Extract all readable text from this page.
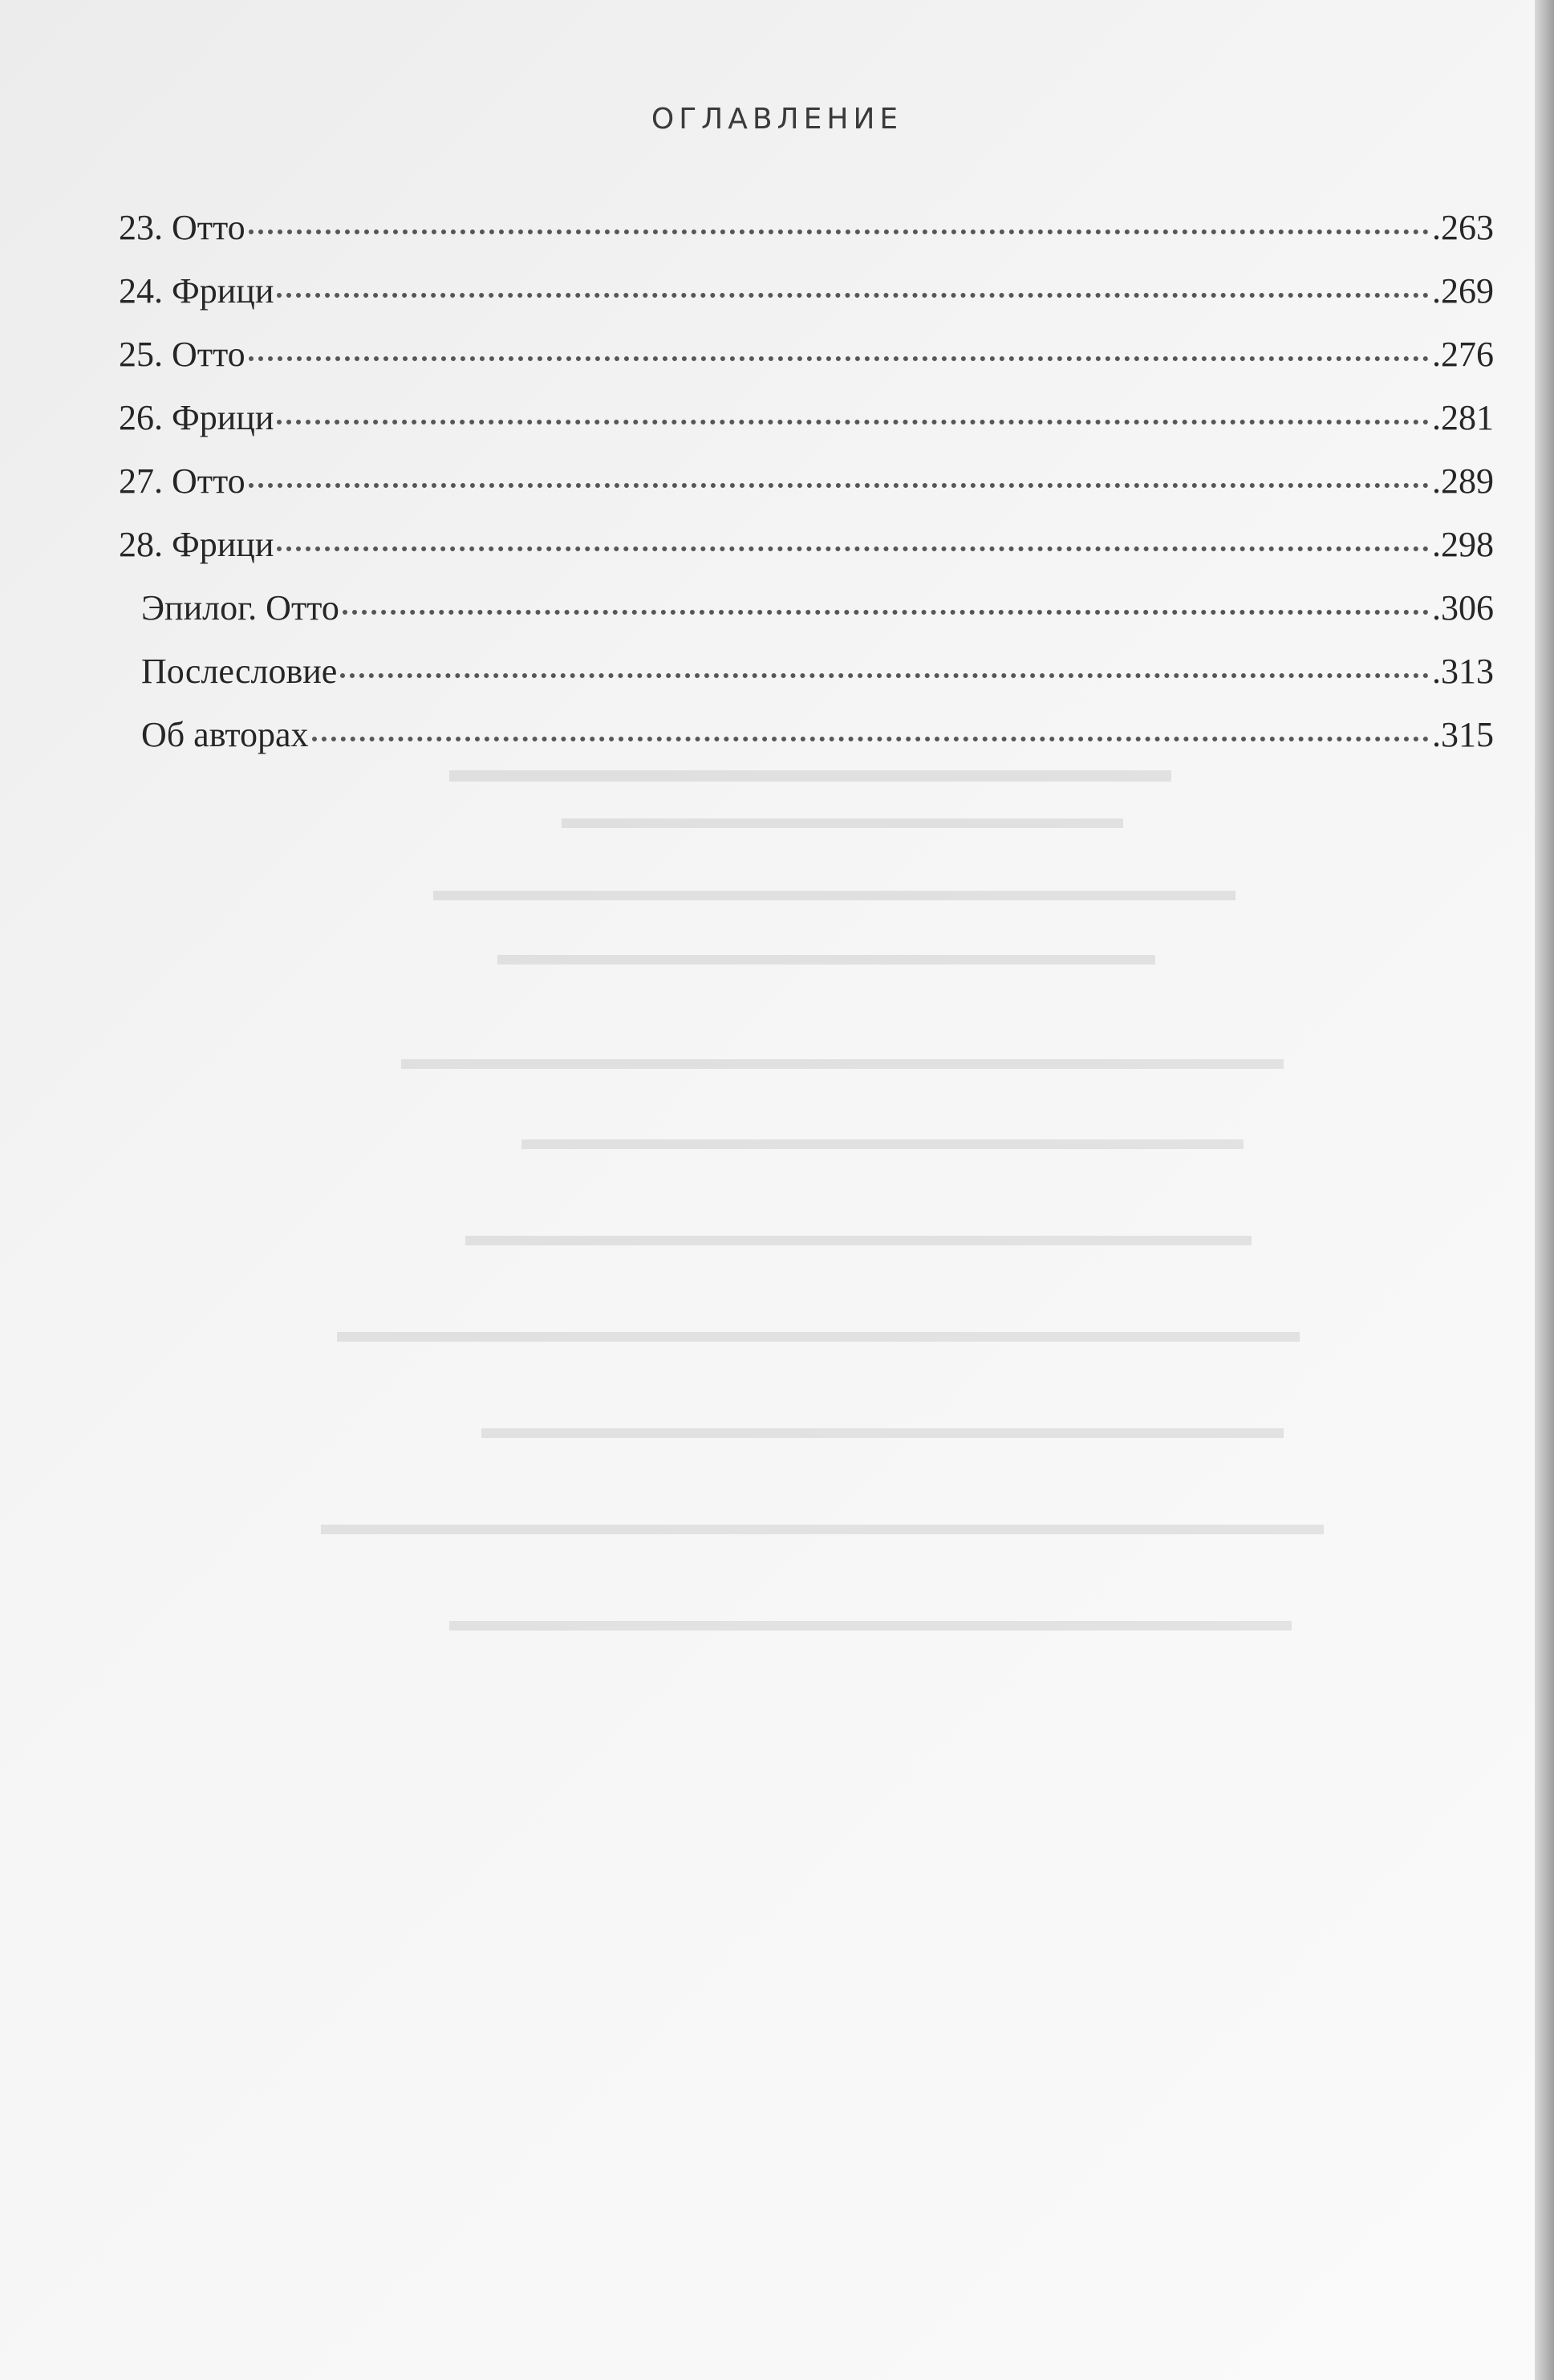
ОГЛАВЛЕНИЕ
23. Отто	.263
24. Фрици	.269
25. Отто	.276
26. Фрици	.281
27. Отто	.289
28. Фрици	.298
Эпилог. Отто	.306
Послесловие	.313
Об авторах	.315
